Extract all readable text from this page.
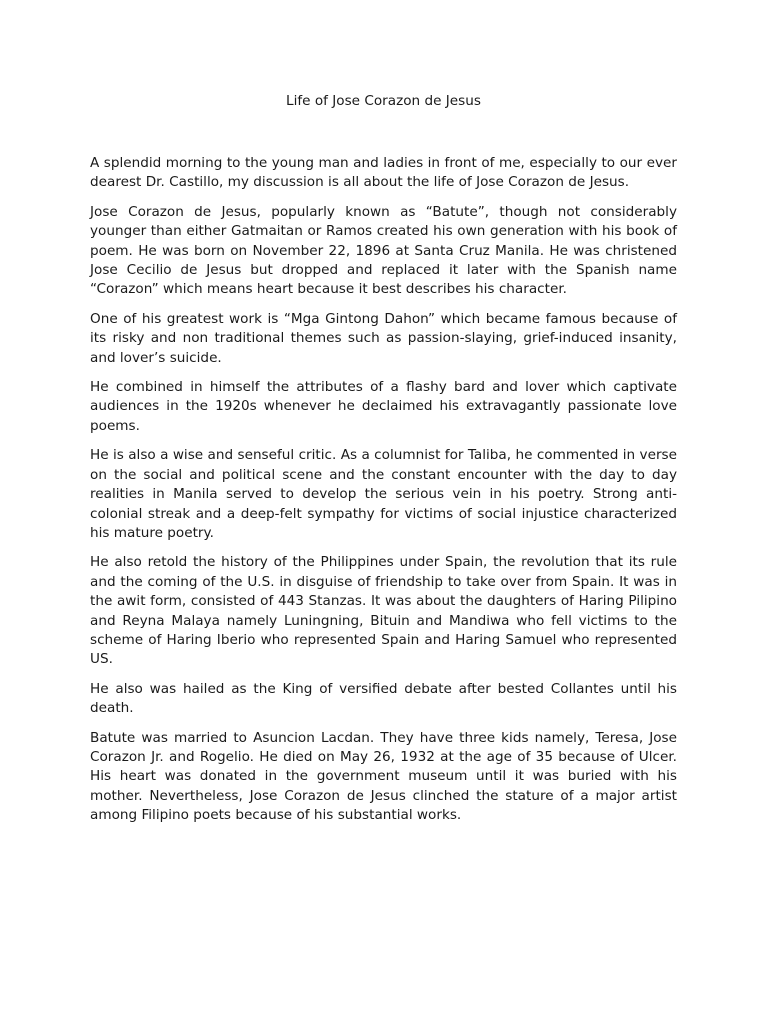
Life of Jose Corazon de Jesus

A splendid morning to the young man and ladies in front of me, especially to our ever dearest Dr. Castillo, my discussion is all about the life of Jose Corazon de Jesus.

Jose Corazon de Jesus, popularly known as “Batute”, though not considerably younger than either Gatmaitan or Ramos created his own generation with his book of poem. He was born on November 22, 1896 at Santa Cruz Manila. He was christened Jose Cecilio de Jesus but dropped and replaced it later with the Spanish name “Corazon” which means heart because it best describes his character.

One of his greatest work is “Mga Gintong Dahon” which became famous because of its risky and non traditional themes such as passion-slaying, grief-induced insanity, and lover’s suicide.

He combined in himself the attributes of a flashy bard and lover which captivate audiences in the 1920s whenever he declaimed his extravagantly passionate love poems.

He is also a wise and senseful critic. As a columnist for Taliba, he commented in verse on the social and political scene and the constant encounter with the day to day realities in Manila served to develop the serious vein in his poetry. Strong anti-colonial streak and a deep-felt sympathy for victims of social injustice characterized his mature poetry.

He also retold the history of the Philippines under Spain, the revolution that its rule and the coming of the U.S. in disguise of friendship to take over from Spain. It was in the awit form, consisted of 443 Stanzas. It was about the daughters of Haring Pilipino and Reyna Malaya namely Luningning, Bituin and Mandiwa who fell victims to the scheme of Haring Iberio who represented Spain and Haring Samuel who represented US.

He also was hailed as the King of versified debate after bested Collantes until his death.

Batute was married to Asuncion Lacdan. They have three kids namely, Teresa, Jose Corazon Jr. and Rogelio. He died on May 26, 1932 at the age of 35 because of Ulcer. His heart was donated in the government museum until it was buried with his mother. Nevertheless, Jose Corazon de Jesus clinched the stature of a major artist among Filipino poets because of his substantial works.
